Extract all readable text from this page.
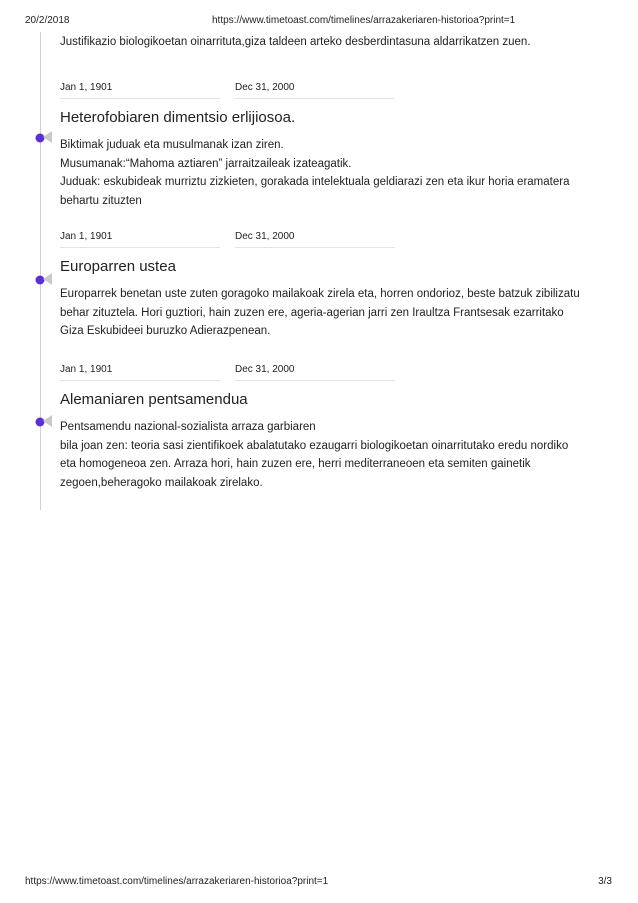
20/2/2018	https://www.timetoast.com/timelines/arrazakeriaren-historioa?print=1
Justifikazio biologikoetan oinarrituta,giza taldeen arteko desberdintasuna aldarrikatzen zuen.
Jan 1, 1901	Dec 31, 2000
Heterofobiaren dimentsio erlijiosoa.
Biktimak juduak eta musulmanak izan ziren.
Musumanak:“Mahoma aztiaren” jarraitzaileak izateagatik.
Juduak: eskubideak murriztu zizkieten, gorakada intelektuala geldiarazi zen eta ikur horia eramatera behartu zituzten
Jan 1, 1901	Dec 31, 2000
Europarren ustea
Europarrek benetan uste zuten goragoko mailakoak zirela eta, horren ondorioz, beste batzuk zibilizatu behar zituztela. Hori guztiori, hain zuzen ere, ageria-agerian jarri zen Iraultza Frantsesak ezarritako Giza Eskubideei buruzko Adierazpenean.
Jan 1, 1901	Dec 31, 2000
Alemaniaren pentsamendua
Pentsamendu nazional-sozialista arraza garbiaren
bila joan zen: teoria sasi zientifikoek abalatutako ezaugarri biologikoetan oinarritutako eredu nordiko eta homogeneoa zen. Arraza hori, hain zuzen ere, herri mediterraneoen eta semiten gainetik zegoen,beheragoko mailakoak zirelako.
https://www.timetoast.com/timelines/arrazakeriaren-historioa?print=1	3/3
